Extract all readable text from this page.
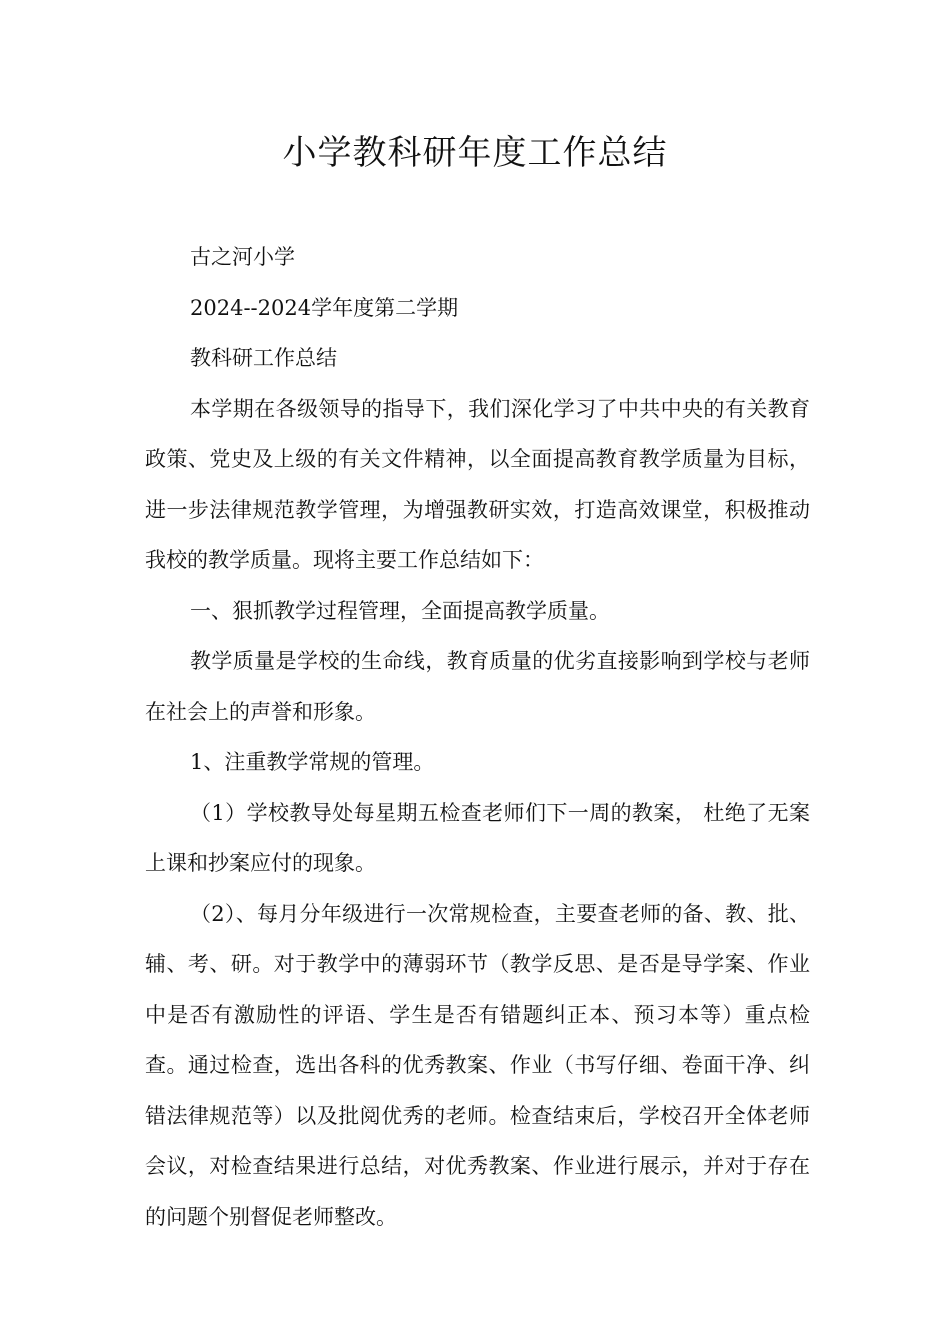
小学教科研年度工作总结

古之河小学

2024--2024学年度第二学期

教科研工作总结

本学期在各级领导的指导下，我们深化学习了中共中央的有关教育政策、党史及上级的有关文件精神，以全面提高教育教学质量为目标，进一步法律规范教学管理，为增强教研实效，打造高效课堂，积极推动我校的教学质量。现将主要工作总结如下：

一、狠抓教学过程管理，全面提高教学质量。

教学质量是学校的生命线，教育质量的优劣直接影响到学校与老师在社会上的声誉和形象。

1、注重教学常规的管理。

（1）学校教导处每星期五检查老师们下一周的教案， 杜绝了无案上课和抄案应付的现象。

（2）、每月分年级进行一次常规检查，主要查老师的备、教、批、辅、考、研。对于教学中的薄弱环节（教学反思、是否是导学案、作业中是否有激励性的评语、学生是否有错题纠正本、预习本等）重点检查。通过检查，选出各科的优秀教案、作业（书写仔细、卷面干净、纠错法律规范等）以及批阅优秀的老师。检查结束后，学校召开全体老师会议，对检查结果进行总结，对优秀教案、作业进行展示，并对于存在的问题个别督促老师整改。
